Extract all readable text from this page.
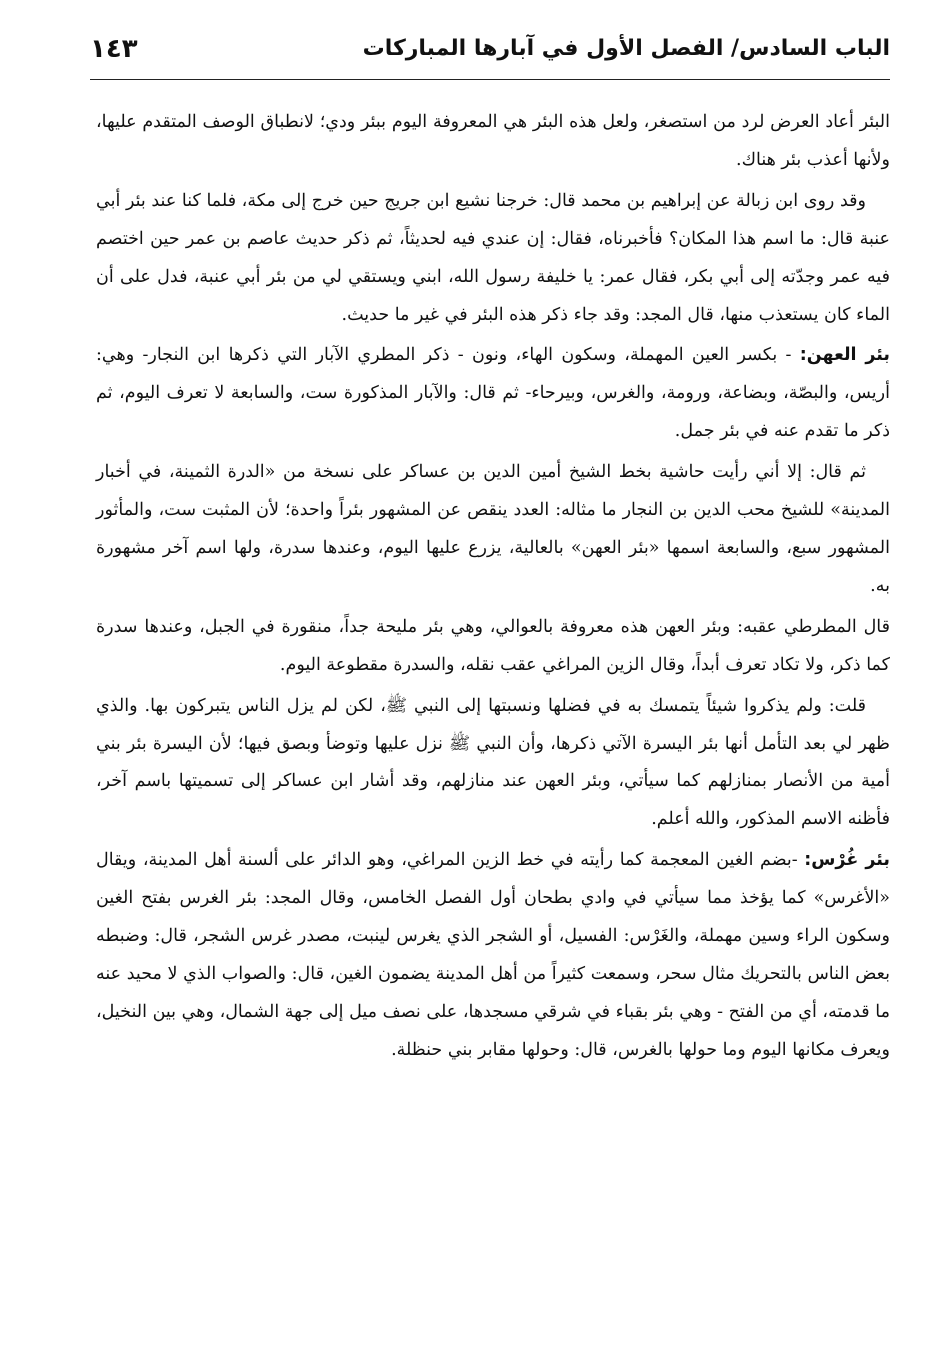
الباب السادس/ الفصل الأول في آبارها المباركات
١٤٣

البئر أعاد العرض لرد من استصغر، ولعل هذه البئر هي المعروفة اليوم ببئر ودي؛ لانطباق الوصف المتقدم عليها، ولأنها أعذب بئر هناك.

وقد روى ابن زبالة عن إبراهيم بن محمد قال: خرجنا نشيع ابن جريج حين خرج إلى مكة، فلما كنا عند بئر أبي عنبة قال: ما اسم هذا المكان؟ فأخبرناه، فقال: إن عندي فيه لحديثاً، ثم ذكر حديث عاصم بن عمر حين اختصم فيه عمر وجدّته إلى أبي بكر، فقال عمر: يا خليفة رسول الله، ابني ويستقي لي من بئر أبي عنبة، فدل على أن الماء كان يستعذب منها، قال المجد: وقد جاء ذكر هذه البئر في غير ما حديث.

بئر العهن: - بكسر العين المهملة، وسكون الهاء، ونون - ذكر المطري الآبار التي ذكرها ابن النجار- وهي: أريس، والبصّة، وبضاعة، ورومة، والغرس، وبيرحاء- ثم قال: والآبار المذكورة ست، والسابعة لا تعرف اليوم، ثم ذكر ما تقدم عنه في بئر جمل.

ثم قال: إلا أني رأيت حاشية بخط الشيخ أمين الدين بن عساكر على نسخة من «الدرة الثمينة، في أخبار المدينة» للشيخ محب الدين بن النجار ما مثاله: العدد ينقص عن المشهور بئراً واحدة؛ لأن المثبت ست، والمأثور المشهور سبع، والسابعة اسمها «بئر العهن» بالعالية، يزرع عليها اليوم، وعندها سدرة، ولها اسم آخر مشهورة به.

قال المطرطي عقبه: وبئر العهن هذه معروفة بالعوالي، وهي بئر مليحة جداً، منقورة في الجبل، وعندها سدرة كما ذكر، ولا تكاد تعرف أبداً، وقال الزين المراغي عقب نقله، والسدرة مقطوعة اليوم.

قلت: ولم يذكروا شيئاً يتمسك به في فضلها ونسبتها إلى النبي ﷺ، لكن لم يزل الناس يتبركون بها. والذي ظهر لي بعد التأمل أنها بئر اليسرة الآتي ذكرها، وأن النبي ﷺ نزل عليها وتوضأ وبصق فيها؛ لأن اليسرة بئر بني أمية من الأنصار بمنازلهم كما سيأتي، وبئر العهن عند منازلهم، وقد أشار ابن عساكر إلى تسميتها باسم آخر، فأظنه الاسم المذكور، والله أعلم.

بئر غُرْس: -بضم الغين المعجمة كما رأيته في خط الزين المراغي، وهو الدائر على ألسنة أهل المدينة، ويقال «الأغرس» كما يؤخذ مما سيأتي في وادي بطحان أول الفصل الخامس، وقال المجد: بئر الغرس بفتح الغين وسكون الراء وسين مهملة، والغَرْس: الفسيل، أو الشجر الذي يغرس لينبت، مصدر غرس الشجر، قال: وضبطه بعض الناس بالتحريك مثال سحر، وسمعت كثيراً من أهل المدينة يضمون الغين، قال: والصواب الذي لا محيد عنه ما قدمته، أي من الفتح - وهي بئر بقباء في شرقي مسجدها، على نصف ميل إلى جهة الشمال، وهي بين النخيل، ويعرف مكانها اليوم وما حولها بالغرس، قال: وحولها مقابر بني حنظلة.
